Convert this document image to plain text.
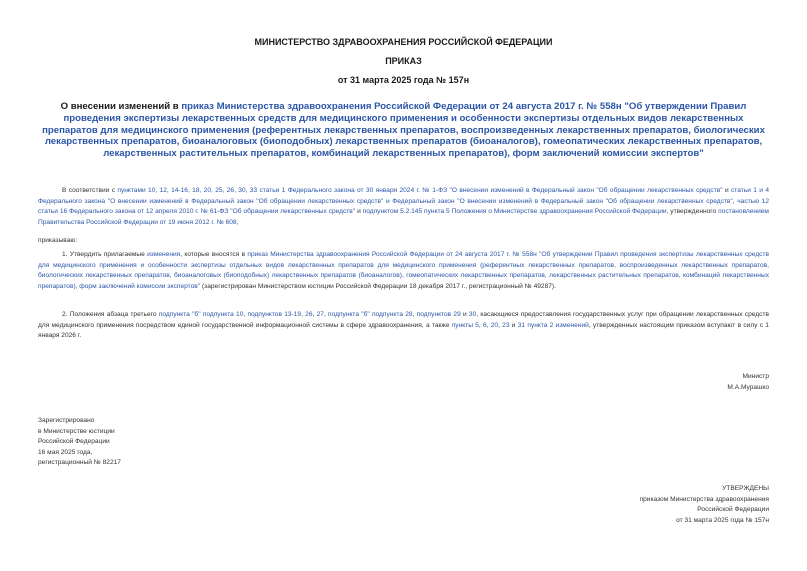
МИНИСТЕРСТВО ЗДРАВООХРАНЕНИЯ РОССИЙСКОЙ ФЕДЕРАЦИИ
ПРИКАЗ
от 31 марта 2025 года № 157н
О внесении изменений в приказ Министерства здравоохранения Российской Федерации от 24 августа 2017 г. № 558н "Об утверждении Правил проведения экспертизы лекарственных средств для медицинского применения и особенности экспертизы отдельных видов лекарственных препаратов для медицинского применения (референтных лекарственных препаратов, воспроизведенных лекарственных препаратов, биологических лекарственных препаратов, биоаналоговых (биоподобных) лекарственных препаратов (биоаналогов), гомеопатических лекарственных препаратов, лекарственных растительных препаратов, комбинаций лекарственных препаратов), форм заключений комиссии экспертов"
В соответствии с пунктами 10, 12, 14-16, 18, 20, 25, 26, 30, 33 статьи 1 Федерального закона от 30 января 2024 г. № 1-ФЗ "О внесении изменений в Федеральный закон "Об обращении лекарственных средств" и статьи 1 и 4 Федерального закона "О внесении изменений в Федеральный закон "Об обращении лекарственных средств" и Федеральный закон "О внесении изменений в Федеральный закон "Об обращении лекарственных средств", частью 12 статьи 16 Федерального закона от 12 апреля 2010 г. № 61-ФЗ "Об обращении лекарственных средств" и подпунктом 5.2.145 пункта 5 Положения о Министерстве здравоохранения Российской Федерации, утвержденного постановлением Правительства Российской Федерации от 19 июня 2012 г. № 608,
приказываю:
1. Утвердить прилагаемые изменения, которые вносятся в приказ Министерства здравоохранения Российской Федерации от 24 августа 2017 г. № 558н "Об утверждении Правил проведения экспертизы лекарственных средств для медицинского применения и особенности экспертизы отдельных видов лекарственных препаратов для медицинского применения (референтных лекарственных препаратов, воспроизведенных лекарственных препаратов, биологических лекарственных препаратов, биоаналоговых (биоподобных) лекарственных препаратов (биоаналогов), гомеопатических лекарственных препаратов, лекарственных растительных препаратов, комбинаций лекарственных препаратов), форм заключений комиссии экспертов" (зарегистрирован Министерством юстиции Российской Федерации 18 декабря 2017 г., регистрационный № 49287).
2. Положения абзаца третьего подпункта "б" подпункта 10, подпунктов 13-19, 26, 27, подпункта "б" подпункта 28, подпунктов 29 и 30, касающиеся предоставления государственных услуг при обращении лекарственных средств для медицинского применения посредством единой государственной информационной системы в сфере здравоохранения, а также пункты 5, 6, 20, 23 и 31 пункта 2 изменений, утвержденных настоящим приказом вступают в силу с 1 января 2026 г.
Министр
М.А.Мурашко
Зарегистрировано
в Министерстве юстиции
Российской Федерации
16 мая 2025 года,
регистрационный № 82217
УТВЕРЖДЕНЫ
приказом Министерства здравоохранения
Российской Федерации
от 31 марта 2025 года № 157н
